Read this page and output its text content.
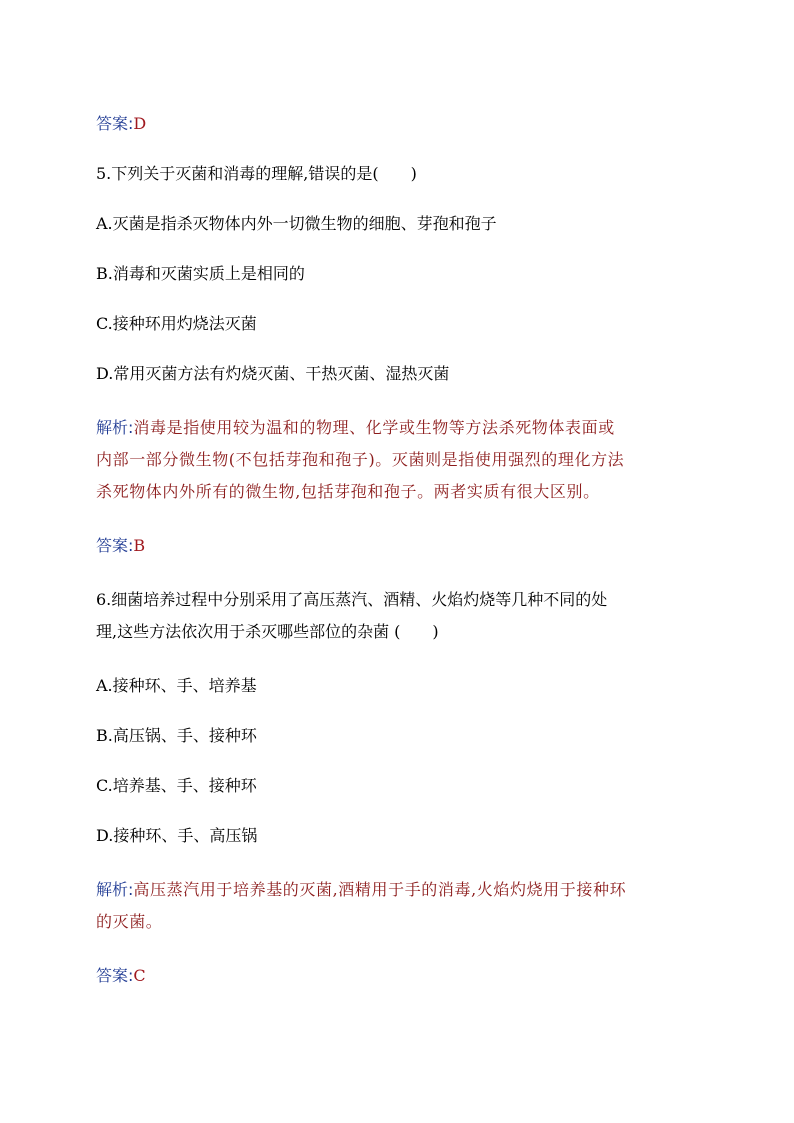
答案:D

5.下列关于灭菌和消毒的理解,错误的是(　　)

A.灭菌是指杀灭物体内外一切微生物的细胞、芽孢和孢子

B.消毒和灭菌实质上是相同的

C.接种环用灼烧法灭菌

D.常用灭菌方法有灼烧灭菌、干热灭菌、湿热灭菌

解析:消毒是指使用较为温和的物理、化学或生物等方法杀死物体表面或

内部一部分微生物(不包括芽孢和孢子)。灭菌则是指使用强烈的理化方法

杀死物体内外所有的微生物,包括芽孢和孢子。两者实质有很大区别。

答案:B

6.细菌培养过程中分别采用了高压蒸汽、酒精、火焰灼烧等几种不同的处

理,这些方法依次用于杀灭哪些部位的杂菌 (　　)

A.接种环、手、培养基

B.高压锅、手、接种环

C.培养基、手、接种环

D.接种环、手、高压锅

解析:高压蒸汽用于培养基的灭菌,酒精用于手的消毒,火焰灼烧用于接种环

的灭菌。

答案:C
